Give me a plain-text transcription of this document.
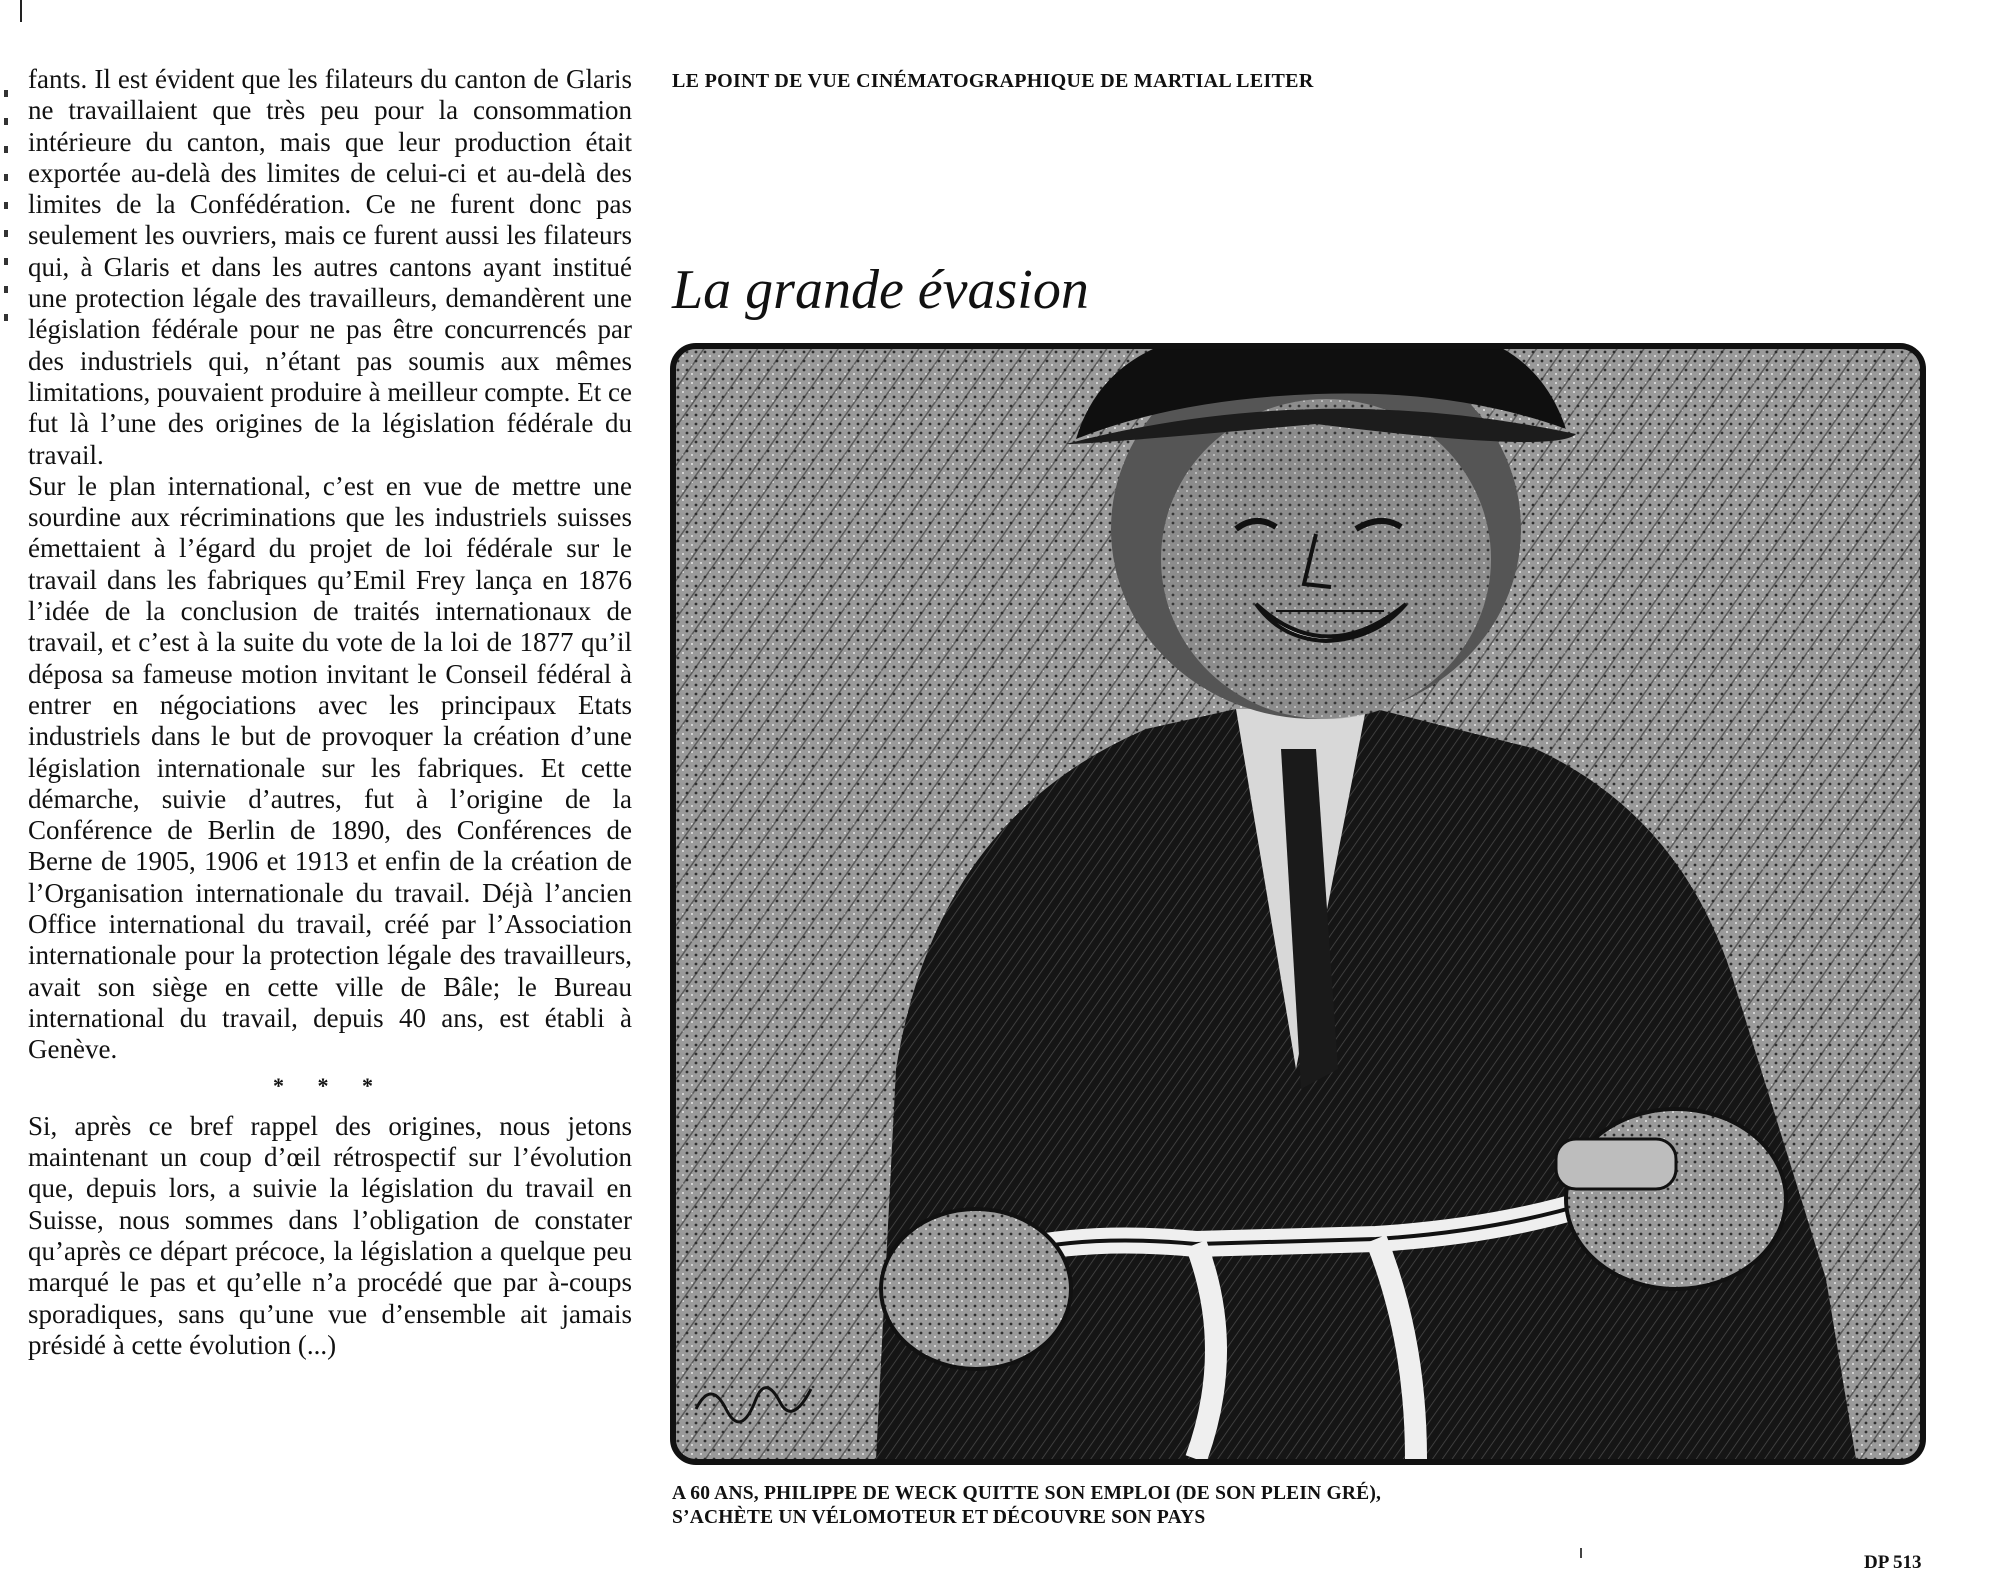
fants. Il est évident que les filateurs du canton de Glaris ne travaillaient que très peu pour la consommation intérieure du canton, mais que leur production était exportée au-delà des limites de celui-ci et au-delà des limites de la Confédération. Ce ne furent donc pas seulement les ouvriers, mais ce furent aussi les filateurs qui, à Glaris et dans les autres cantons ayant institué une protection légale des travailleurs, demandèrent une législation fédérale pour ne pas être concurrencés par des industriels qui, n’étant pas soumis aux mêmes limitations, pouvaient produire à meilleur compte. Et ce fut là l’une des origines de la législation fédérale du travail.

Sur le plan international, c’est en vue de mettre une sourdine aux récriminations que les industriels suisses émettaient à l’égard du projet de loi fédérale sur le travail dans les fabriques qu’Emil Frey lança en 1876 l’idée de la conclusion de traités internationaux de travail, et c’est à la suite du vote de la loi de 1877 qu’il déposa sa fameuse motion invitant le Conseil fédéral à entrer en négociations avec les principaux Etats industriels dans le but de provoquer la création d’une législation internationale sur les fabriques. Et cette démarche, suivie d’autres, fut à l’origine de la Conférence de Berlin de 1890, des Conférences de Berne de 1905, 1906 et 1913 et enfin de la création de l’Organisation internationale du travail. Déjà l’ancien Office international du travail, créé par l’Association internationale pour la protection légale des travailleurs, avait son siège en cette ville de Bâle; le Bureau international du travail, depuis 40 ans, est établi à Genève.

* * *

Si, après ce bref rappel des origines, nous jetons maintenant un coup d’œil rétrospectif sur l’évolution que, depuis lors, a suivie la législation du travail en Suisse, nous sommes dans l’obligation de constater qu’après ce départ précoce, la législation a quelque peu marqué le pas et qu’elle n’a procédé que par à-coups sporadiques, sans qu’une vue d’ensemble ait jamais présidé à cette évolution (...)

LE POINT DE VUE CINÉMATOGRAPHIQUE DE MARTIAL LEITER
La grande évasion
A 60 ANS, PHILIPPE DE WECK QUITTE SON EMPLOI (DE SON PLEIN GRÉ),
S’ACHÈTE UN VÉLOMOTEUR ET DÉCOUVRE SON PAYS
DP 513
